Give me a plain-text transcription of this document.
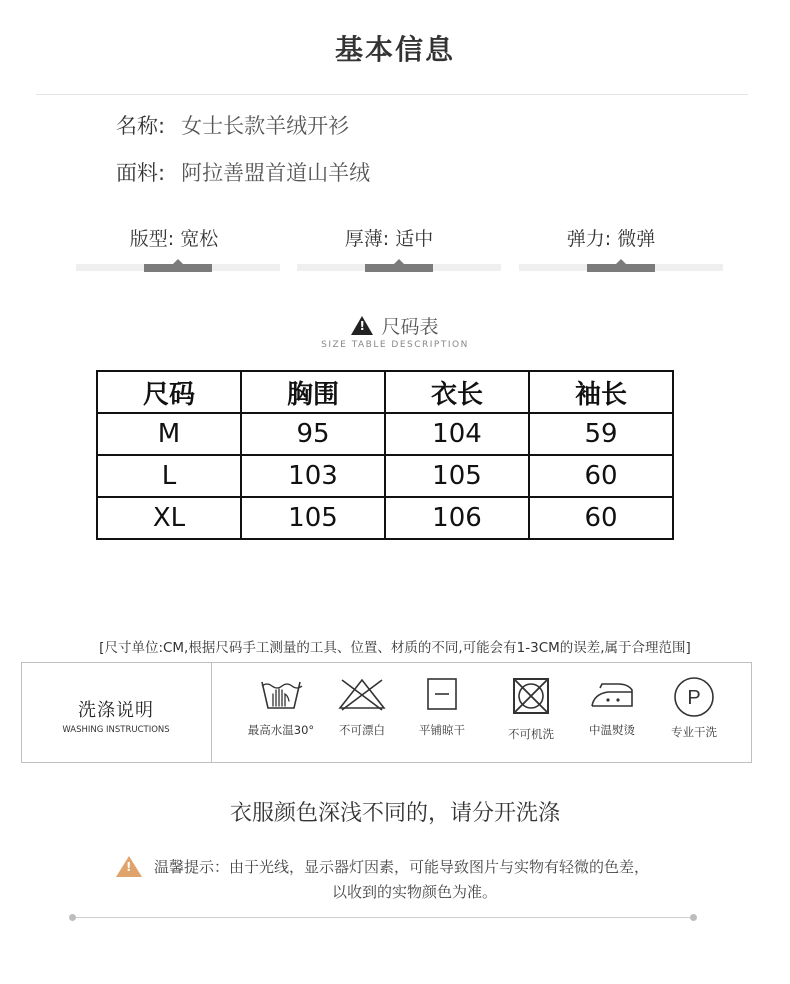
基本信息
名称: 女士长款羊绒开衫
面料: 阿拉善盟首道山羊绒
版型: 宽松	厚薄: 适中	弹力: 微弹
! 尺码表
SIZE TABLE DESCRIPTION
尺码	胸围	衣长	袖长
M	95	104	59
L	103	105	60
XL	105	106	60
[尺寸单位:CM,根据尺码手工测量的工具、位置、材质的不同,可能会有1-3CM的误差,属于合理范围]
洗涤说明
WASHING INSTRUCTIONS	最高水温30°	不可漂白	平铺晾干	不可机洗	中温熨烫
P
专业干洗
衣服颜色深浅不同的，请分开洗涤
! 温馨提示：由于光线，显示器灯因素，可能导致图片与实物有轻微的色差，
以收到的实物颜色为准。
